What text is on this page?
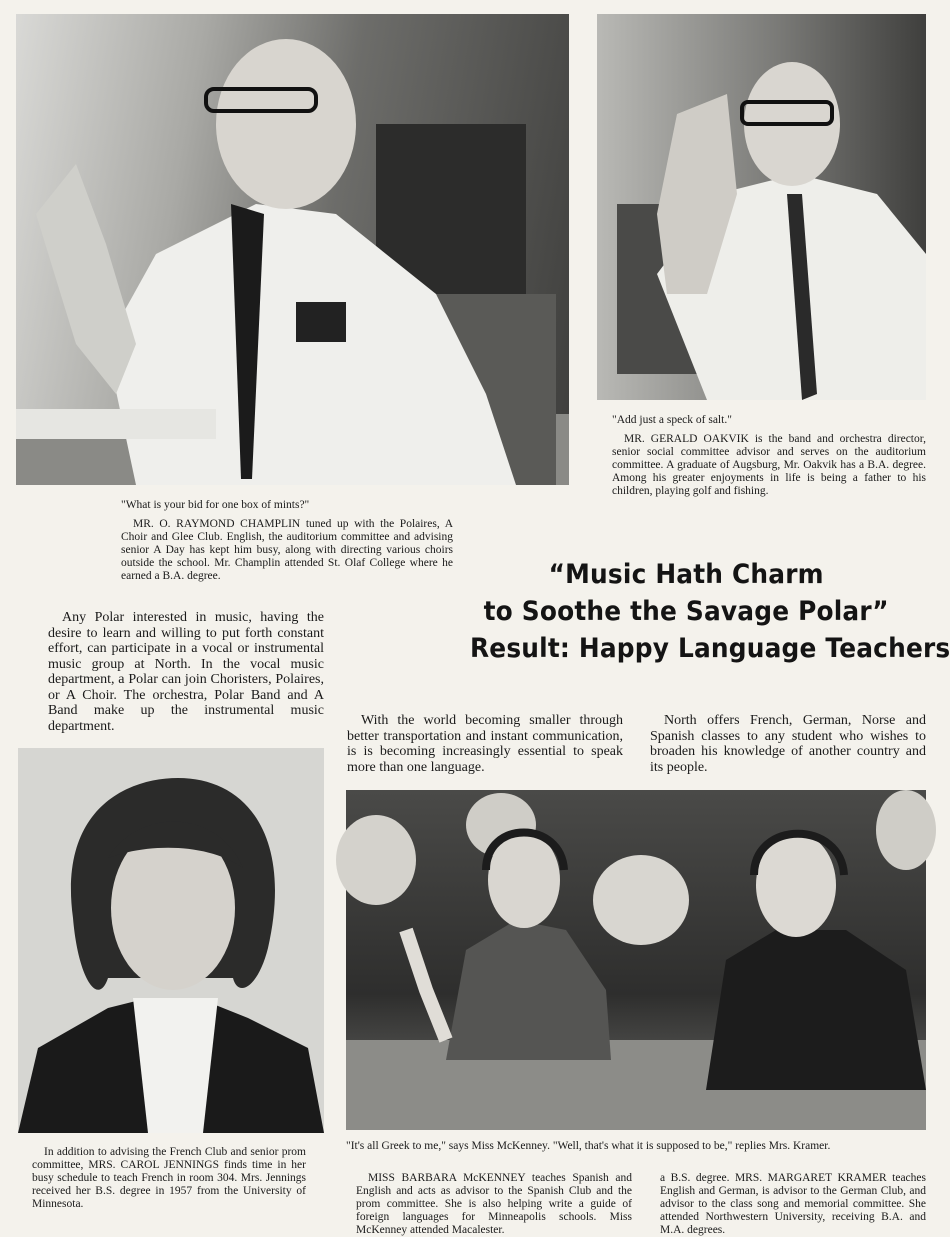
"What is your bid for one box of mints?"
MR. O. RAYMOND CHAMPLIN tuned up with the Polaires, A Choir and Glee Club. English, the auditorium committee and advising senior A Day has kept him busy, along with directing various choirs outside the school. Mr. Champlin attended St. Olaf College where he earned a B.A. degree.
"Add just a speck of salt."
MR. GERALD OAKVIK is the band and orchestra director, senior social committee advisor and serves on the auditorium committee. A graduate of Augsburg, Mr. Oakvik has a B.A. degree. Among his greater enjoyments in life is being a father to his children, playing golf and fishing.
“Music Hath Charm
to Soothe the Savage Polar”
Result: Happy Language Teachers
Any Polar interested in music, having the desire to learn and willing to put forth constant effort, can participate in a vocal or instrumental music group at North. In the vocal music department, a Polar can join Choristers, Polaires, or A Choir. The orchestra, Polar Band and A Band make up the instrumental music department.	With the world becoming smaller through better transportation and instant communication, is is becoming increasingly essential to speak more than one language.
North offers French, German, Norse and Spanish classes to any student who wishes to broaden his knowledge of another country and its people.
In addition to advising the French Club and senior prom committee, MRS. CAROL JENNINGS finds time in her busy schedule to teach French in room 304. Mrs. Jennings received her B.S. degree in 1957 from the University of Minnesota.
"It's all Greek to me," says Miss McKenney. "Well, that's what it is supposed to be," replies Mrs. Kramer.
MISS BARBARA McKENNEY teaches Spanish and English and acts as advisor to the Spanish Club and the prom committee. She is also helping write a guide of foreign languages for Minneapolis schools. Miss McKenney attended Macalester.
a B.S. degree. MRS. MARGARET KRAMER teaches English and German, is advisor to the German Club, and advisor to the class song and memorial committee. She attended Northwestern University, receiving B.A. and M.A. degrees.
